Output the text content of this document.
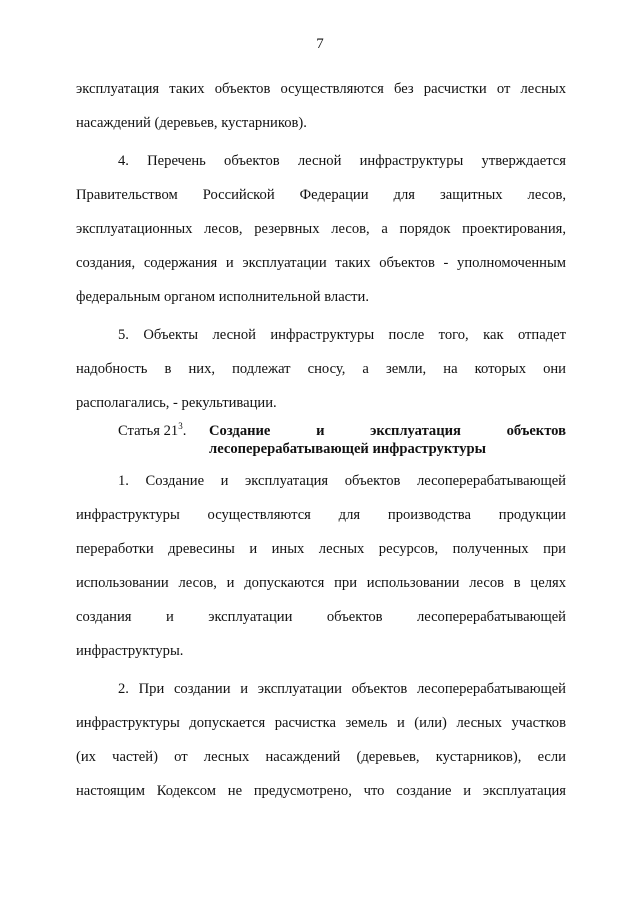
7
эксплуатация таких объектов осуществляются без расчистки от лесных
насаждений (деревьев, кустарников).
4. Перечень объектов лесной инфраструктуры утверждается
Правительством Российской Федерации для защитных лесов,
эксплуатационных лесов, резервных лесов, а порядок проектирования,
создания, содержания и эксплуатации таких объектов - уполномоченным
федеральным органом исполнительной власти.
5. Объекты лесной инфраструктуры после того, как отпадет
надобность в них, подлежат сносу, а земли, на которых они
располагались, - рекультивации.
Статья $21^3$. Создание и эксплуатация объектов
лесоперерабатывающей инфраструктуры
1. Создание и эксплуатация объектов лесоперерабатывающей
инфраструктуры осуществляются для производства продукции
переработки древесины и иных лесных ресурсов, полученных при
использовании лесов, и допускаются при использовании лесов в целях
создания и эксплуатации объектов лесоперерабатывающей
инфраструктуры.
2. При создании и эксплуатации объектов лесоперерабатывающей
инфраструктуры допускается расчистка земель и (или) лесных участков
(их частей) от лесных насаждений (деревьев, кустарников), если
настоящим Кодексом не предусмотрено, что создание и эксплуатация
